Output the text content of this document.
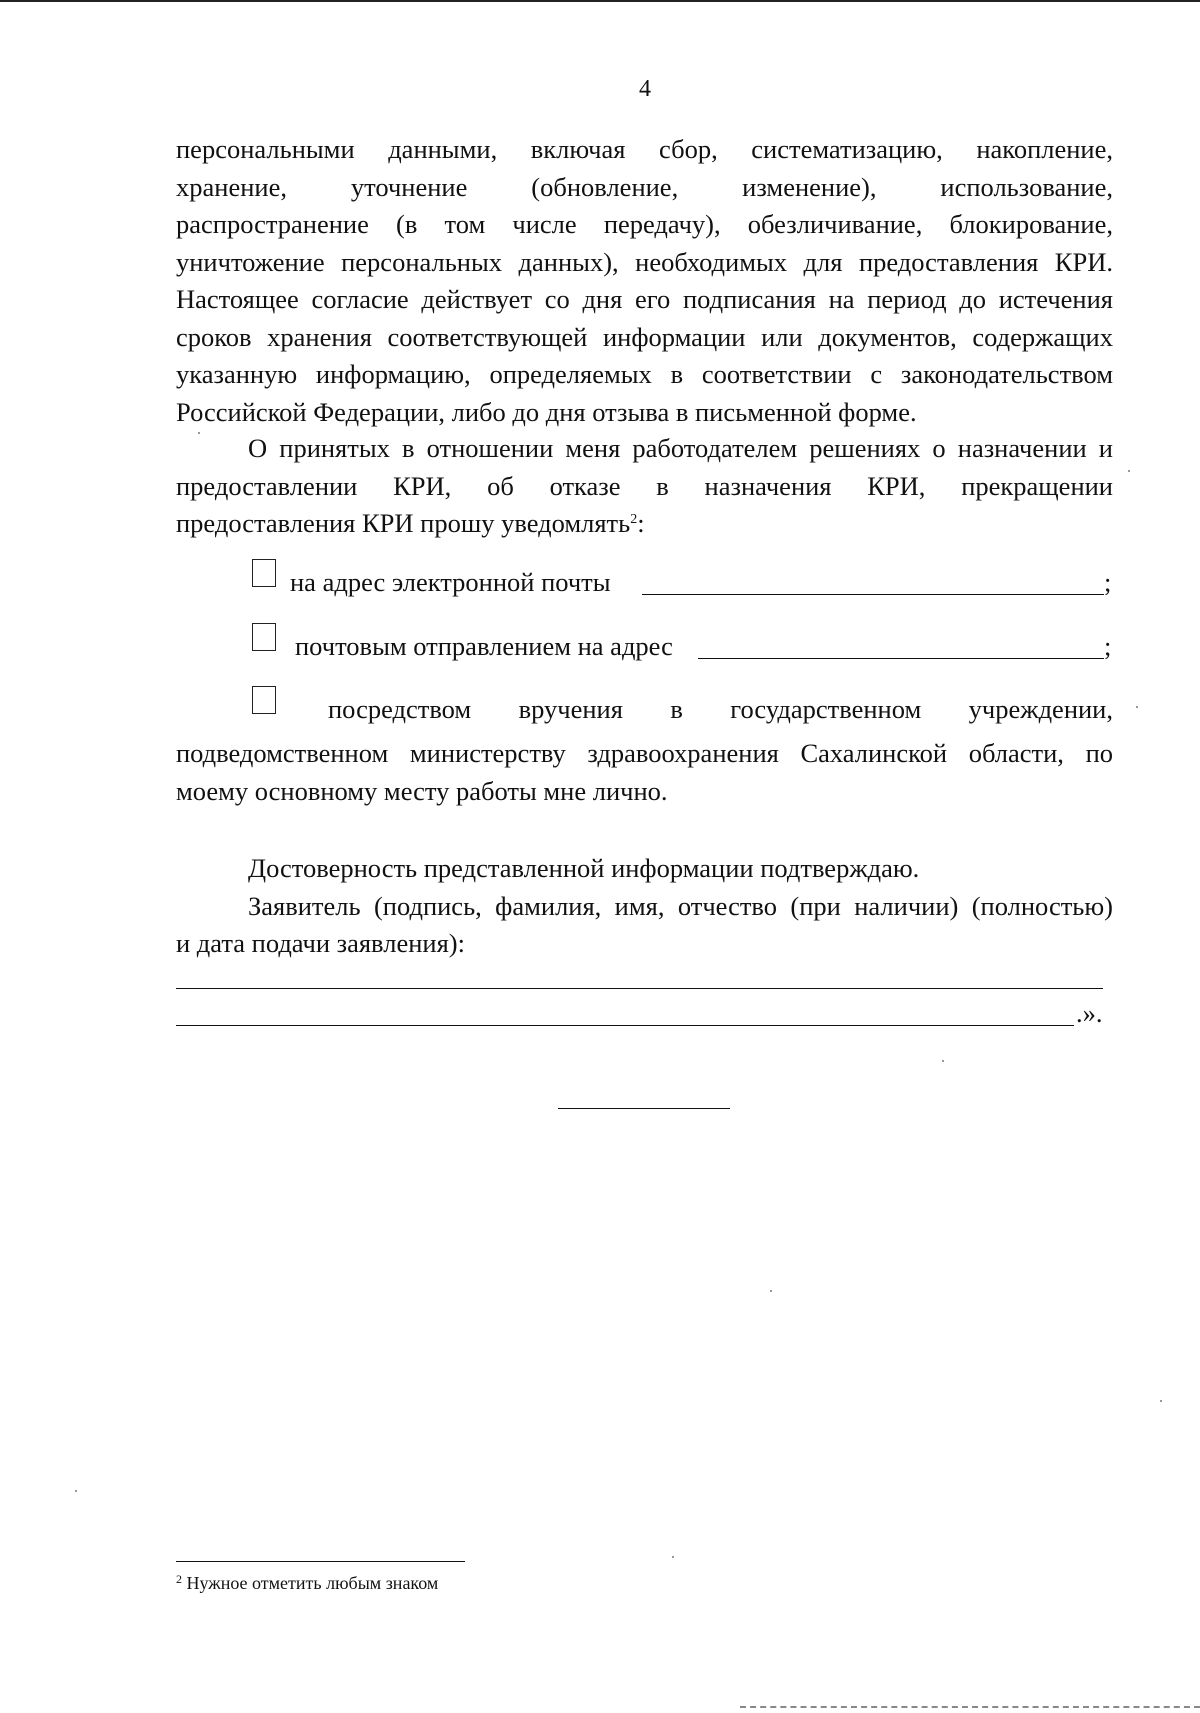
4
персональными данными, включая сбор, систематизацию, накопление,
хранение, уточнение (обновление, изменение), использование,
распространение (в том числе передачу), обезличивание, блокирование,
уничтожение персональных данных), необходимых для предоставления КРИ.
Настоящее согласие действует со дня его подписания на период до истечения
сроков хранения соответствующей информации или документов, содержащих
указанную информацию, определяемых в соответствии с законодательством
Российской Федерации, либо до дня отзыва в письменной форме.
О принятых в отношении меня работодателем решениях о назначении и
предоставлении КРИ, об отказе в назначения КРИ, прекращении
предоставления КРИ прошу уведомлять$^2$:
на адрес электронной почты	;
почтовым отправлением на адрес	;
посредством вручения в государственном учреждении,
подведомственном министерству здравоохранения Сахалинской области, по
моему основному месту работы мне лично.
Достоверность представленной информации подтверждаю.
Заявитель (подпись, фамилия, имя, отчество (при наличии) (полностью)
и дата подачи заявления):
.».
$^2$ Нужное отметить любым знаком
